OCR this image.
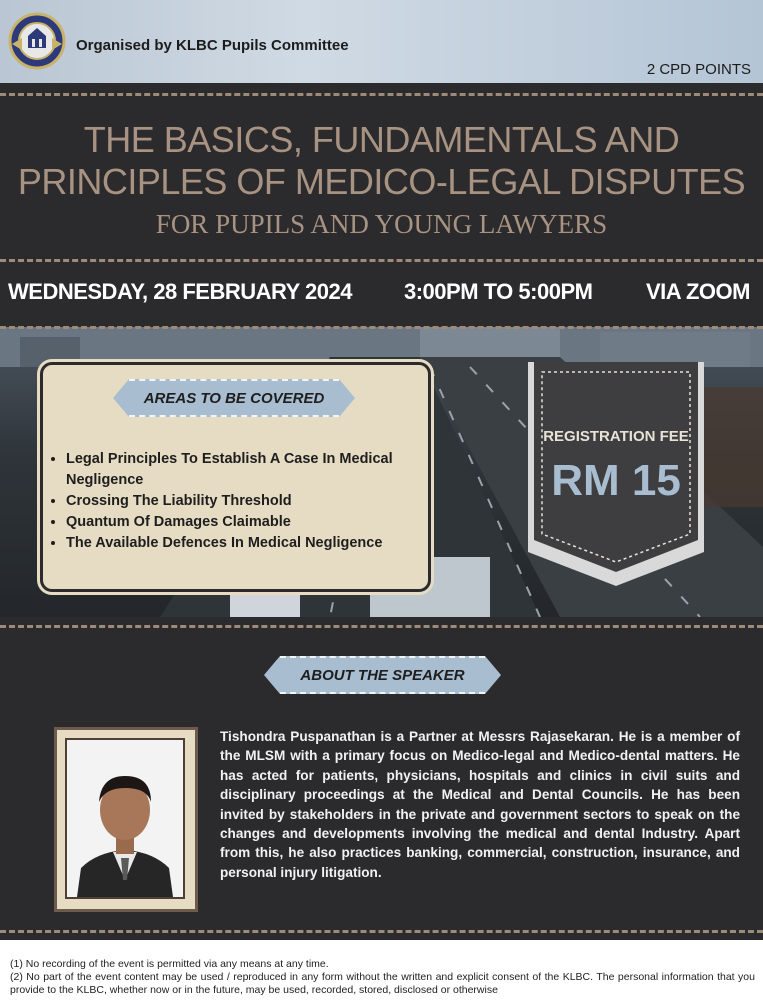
Organised by KLBC Pupils Committee
2 CPD POINTS
THE BASICS, FUNDAMENTALS AND
PRINCIPLES OF MEDICO-LEGAL DISPUTES
FOR PUPILS AND YOUNG LAWYERS
WEDNESDAY, 28 FEBRUARY 2024 3:00PM TO 5:00PM VIA ZOOM
AREAS TO BE COVERED
• Legal Principles To Establish A Case In Medical Negligence
• Crossing The Liability Threshold
• Quantum Of Damages Claimable
• The Available Defences In Medical Negligence
REGISTRATION FEE
RM 15
ABOUT THE SPEAKER
Tishondra Puspanathan is a Partner at Messrs Rajasekaran. He is a member of the MLSM with a primary focus on Medico-legal and Medico-dental matters. He has acted for patients, physicians, hospitals and clinics in civil suits and disciplinary proceedings at the Medical and Dental Councils. He has been invited by stakeholders in the private and government sectors to speak on the changes and developments involving the medical and dental Industry. Apart from this, he also practices banking, commercial, construction, insurance, and personal injury litigation.

(1) No recording of the event is permitted via any means at any time.

(2) No part of the event content may be used / reproduced in any form without the written and explicit consent of the KLBC. The personal information that you provide to the KLBC, whether now or in the future, may be used, recorded, stored, disclosed or otherwise
